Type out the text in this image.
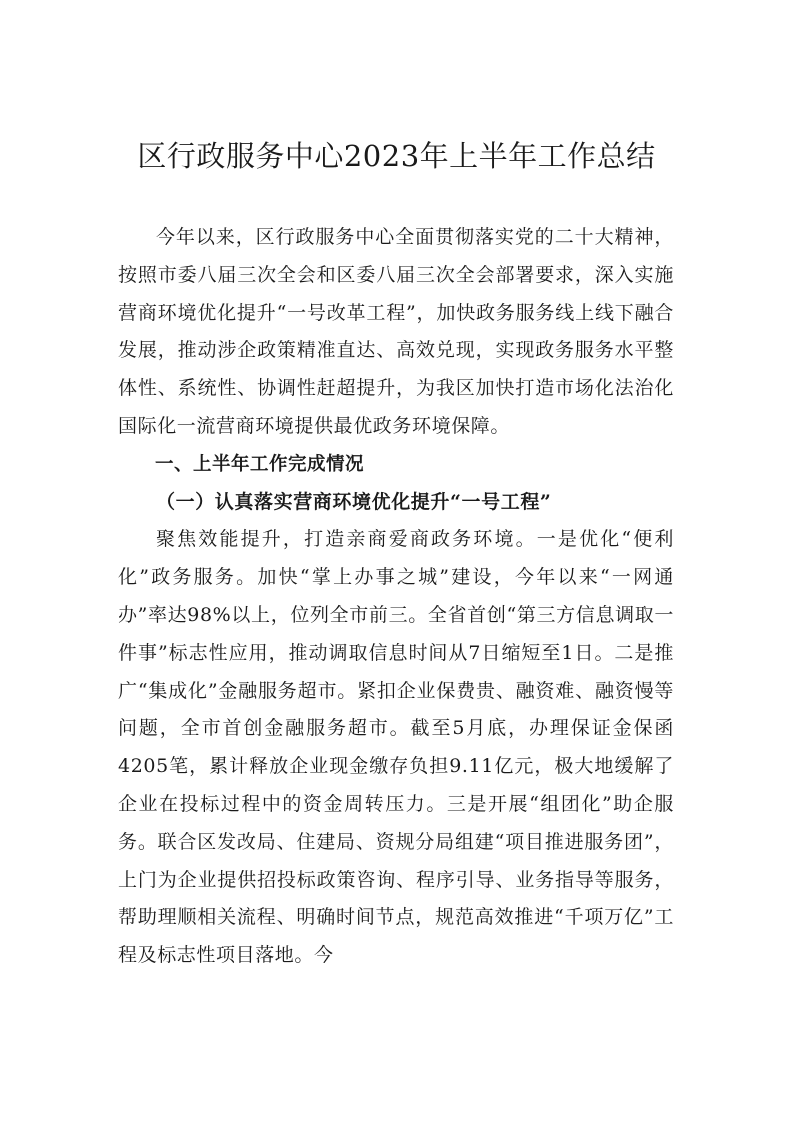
区行政服务中心2023年上半年工作总结

今年以来，区行政服务中心全面贯彻落实党的二十大精神，按照市委八届三次全会和区委八届三次全会部署要求，深入实施营商环境优化提升“一号改革工程”，加快政务服务线上线下融合发展，推动涉企政策精准直达、高效兑现，实现政务服务水平整体性、系统性、协调性赶超提升，为我区加快打造市场化法治化国际化一流营商环境提供最优政务环境保障。

一、上半年工作完成情况
（一）认真落实营商环境优化提升“一号工程”

聚焦效能提升，打造亲商爱商政务环境。一是优化“便利化”政务服务。加快“掌上办事之城”建设，今年以来“一网通办”率达98%以上，位列全市前三。全省首创“第三方信息调取一件事”标志性应用，推动调取信息时间从7日缩短至1日。二是推广“集成化”金融服务超市。紧扣企业保费贵、融资难、融资慢等问题，全市首创金融服务超市。截至5月底，办理保证金保函4205笔，累计释放企业现金缴存负担9.11亿元，极大地缓解了企业在投标过程中的资金周转压力。三是开展“组团化”助企服务。联合区发改局、住建局、资规分局组建“项目推进服务团”，上门为企业提供招投标政策咨询、程序引导、业务指导等服务，帮助理顺相关流程、明确时间节点，规范高效推进“千项万亿”工程及标志性项目落地。今
